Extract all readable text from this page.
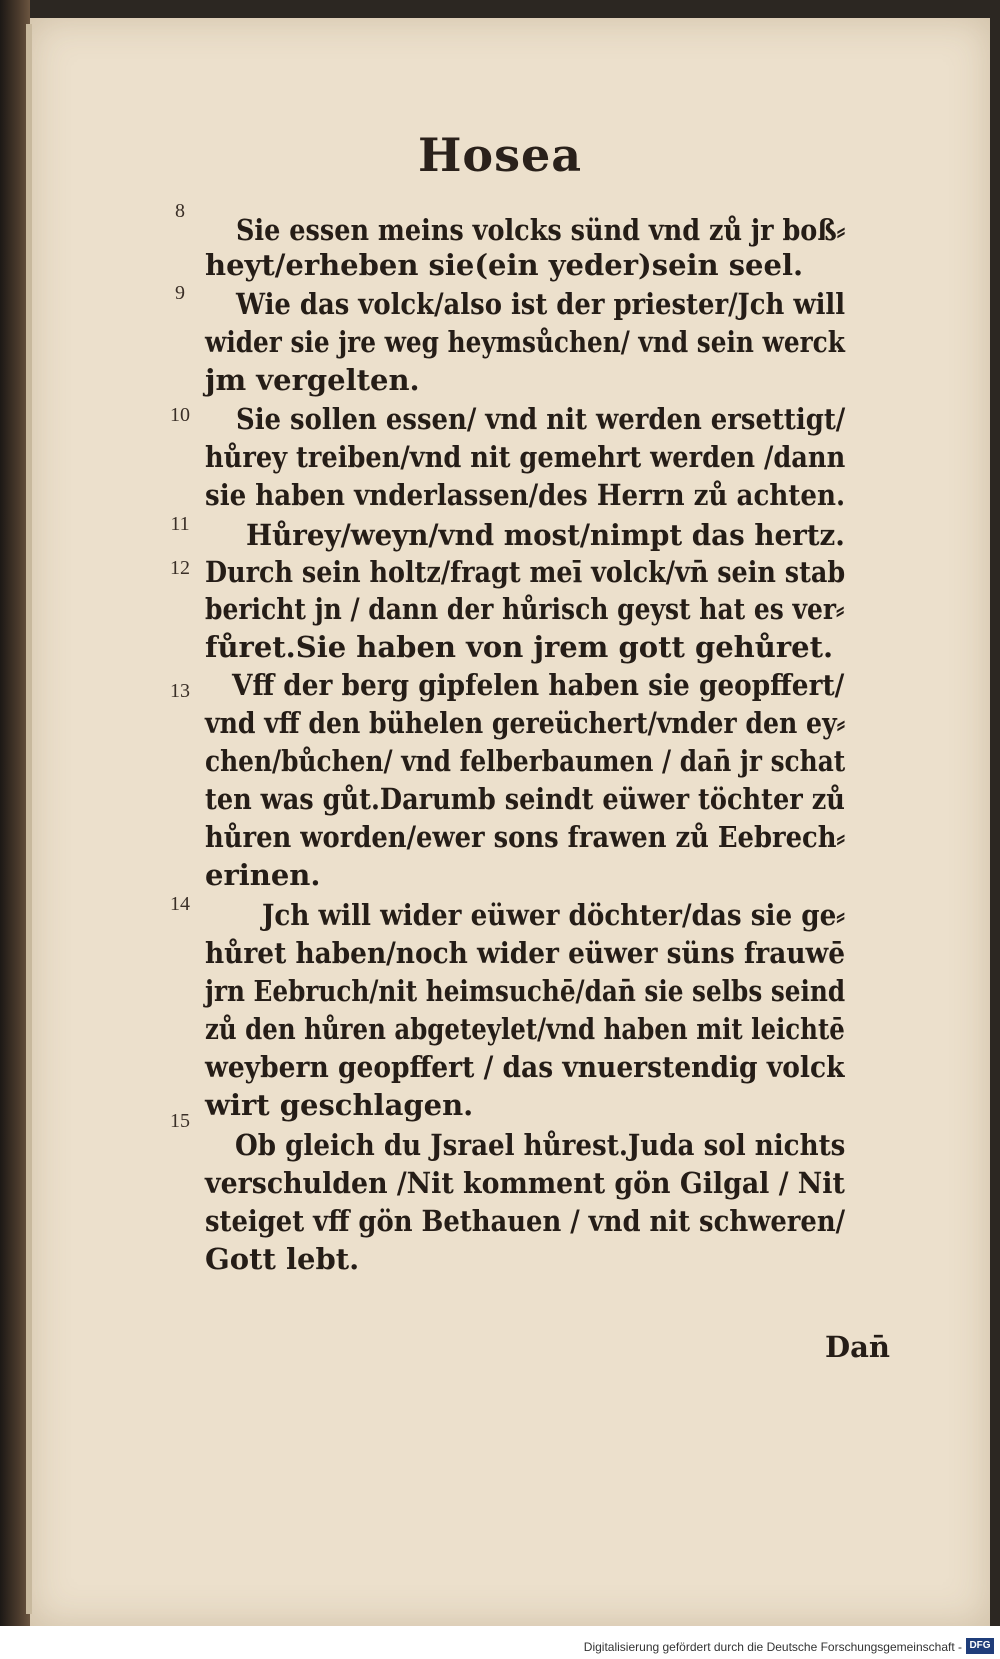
Hosea
8
Sie essen meins volcks sünd vnd zů jr boß⸗
heyt/erheben sie(ein yeder)sein seel.
9	Wie das volck/also ist der priester/Jch will
wider sie jre weg heymsůchen/ vnd sein werck
jm vergelten.
10	Sie sollen essen/ vnd nit werden ersettigt/
hůrey treiben/vnd nit gemehrt werden /dann
sie haben vnderlassen/des Herrn zů achten.
11	Hůrey/weyn/vnd most/nimpt das hertz.
12 Durch sein holtz/fragt meī volck/vn̄ sein stab
bericht jn / dann der hůrisch geyst hat es ver⸗
fůret.Sie haben von jrem gott gehůret.
13	Vff der berg gipfelen haben sie geopffert/
vnd vff den bühelen gereüchert/vnder den ey⸗
chen/bůchen/ vnd felberbaumen / dan̄ jr schat
ten was gůt.Darumb seindt eüwer töchter zů
hůren worden/ewer sons frawen zů Eebrech⸗
erinen.
14	Jch will wider eüwer döchter/das sie ge⸗
hůret haben/noch wider eüwer süns frauwē
jrn Eebruch/nit heimsuchē/dan̄ sie selbs seind
zů den hůren abgeteylet/vnd haben mit leichtē
weybern geopffert / das vnuerstendig volck
wirt geschlagen.
15
Ob gleich du Jsrael hůrest.Juda sol nichts
verschulden /Nit komment gön Gilgal / Nit
steiget vff gön Bethauen / vnd nit schweren/
Gott lebt.
Dan̄
Digitalisierung gefördert durch die Deutsche Forschungsgemeinschaft - DFG
